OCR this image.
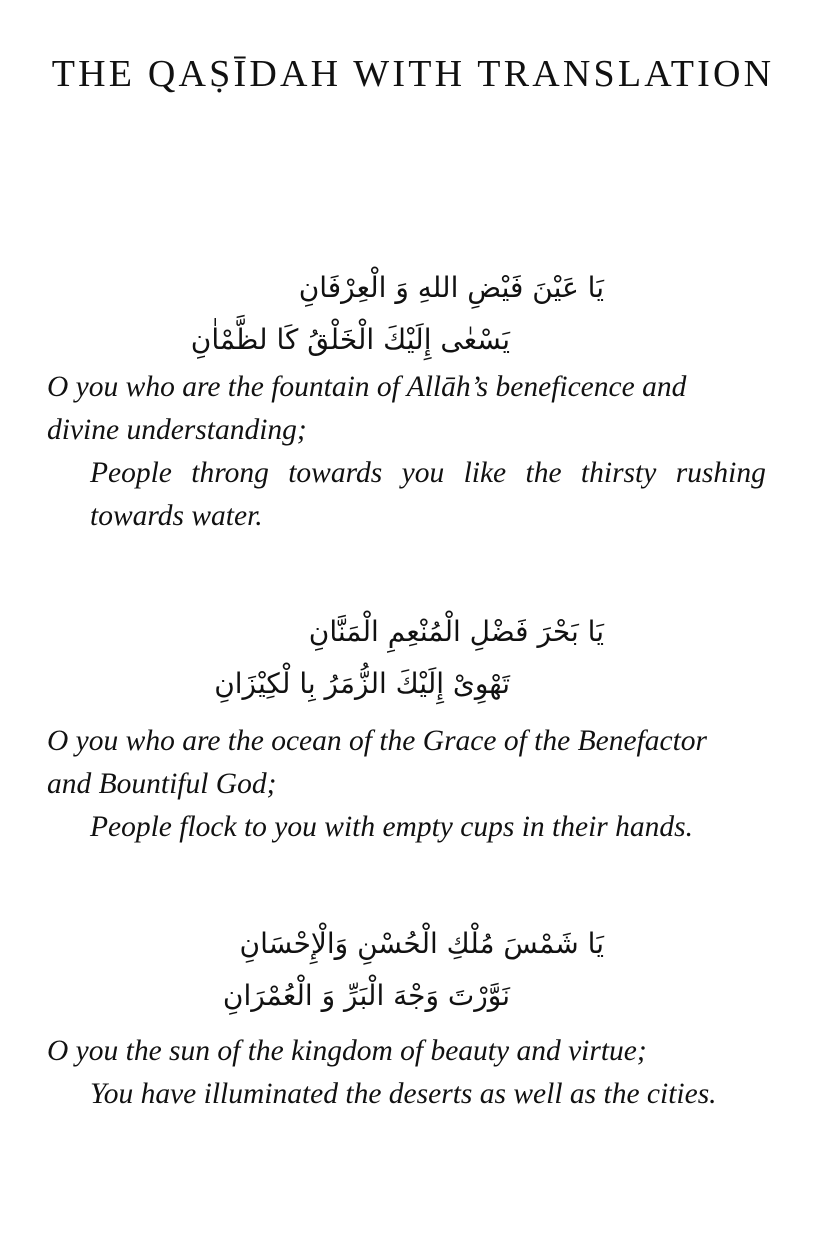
THE QAṢĪDAH WITH TRANSLATION
يَا عَيْنَ فَيْضِ اللهِ وَ الْعِرْفَانِ
يَسْعٰى إِلَيْكَ الْخَلْقُ كَا لظَّمْاٰنِ
O you who are the fountain of Allāh’s beneficence and
divine understanding;
People throng towards you like the thirsty rushing
towards water.
يَا بَحْرَ فَضْلِ الْمُنْعِمِ الْمَنَّانِ
تَهْوِىْ إِلَيْكَ الزُّمَرُ بِا لْكِيْزَانِ
O you who are the ocean of the Grace of the Benefactor
and Bountiful God;
People flock to you with empty cups in their hands.
يَا شَمْسَ مُلْكِ الْحُسْنِ وَالْإِحْسَانِ
نَوَّرْتَ وَجْهَ الْبَرِّ وَ الْعُمْرَانِ
O you the sun of the kingdom of beauty and virtue;
You have illuminated the deserts as well as the cities.
